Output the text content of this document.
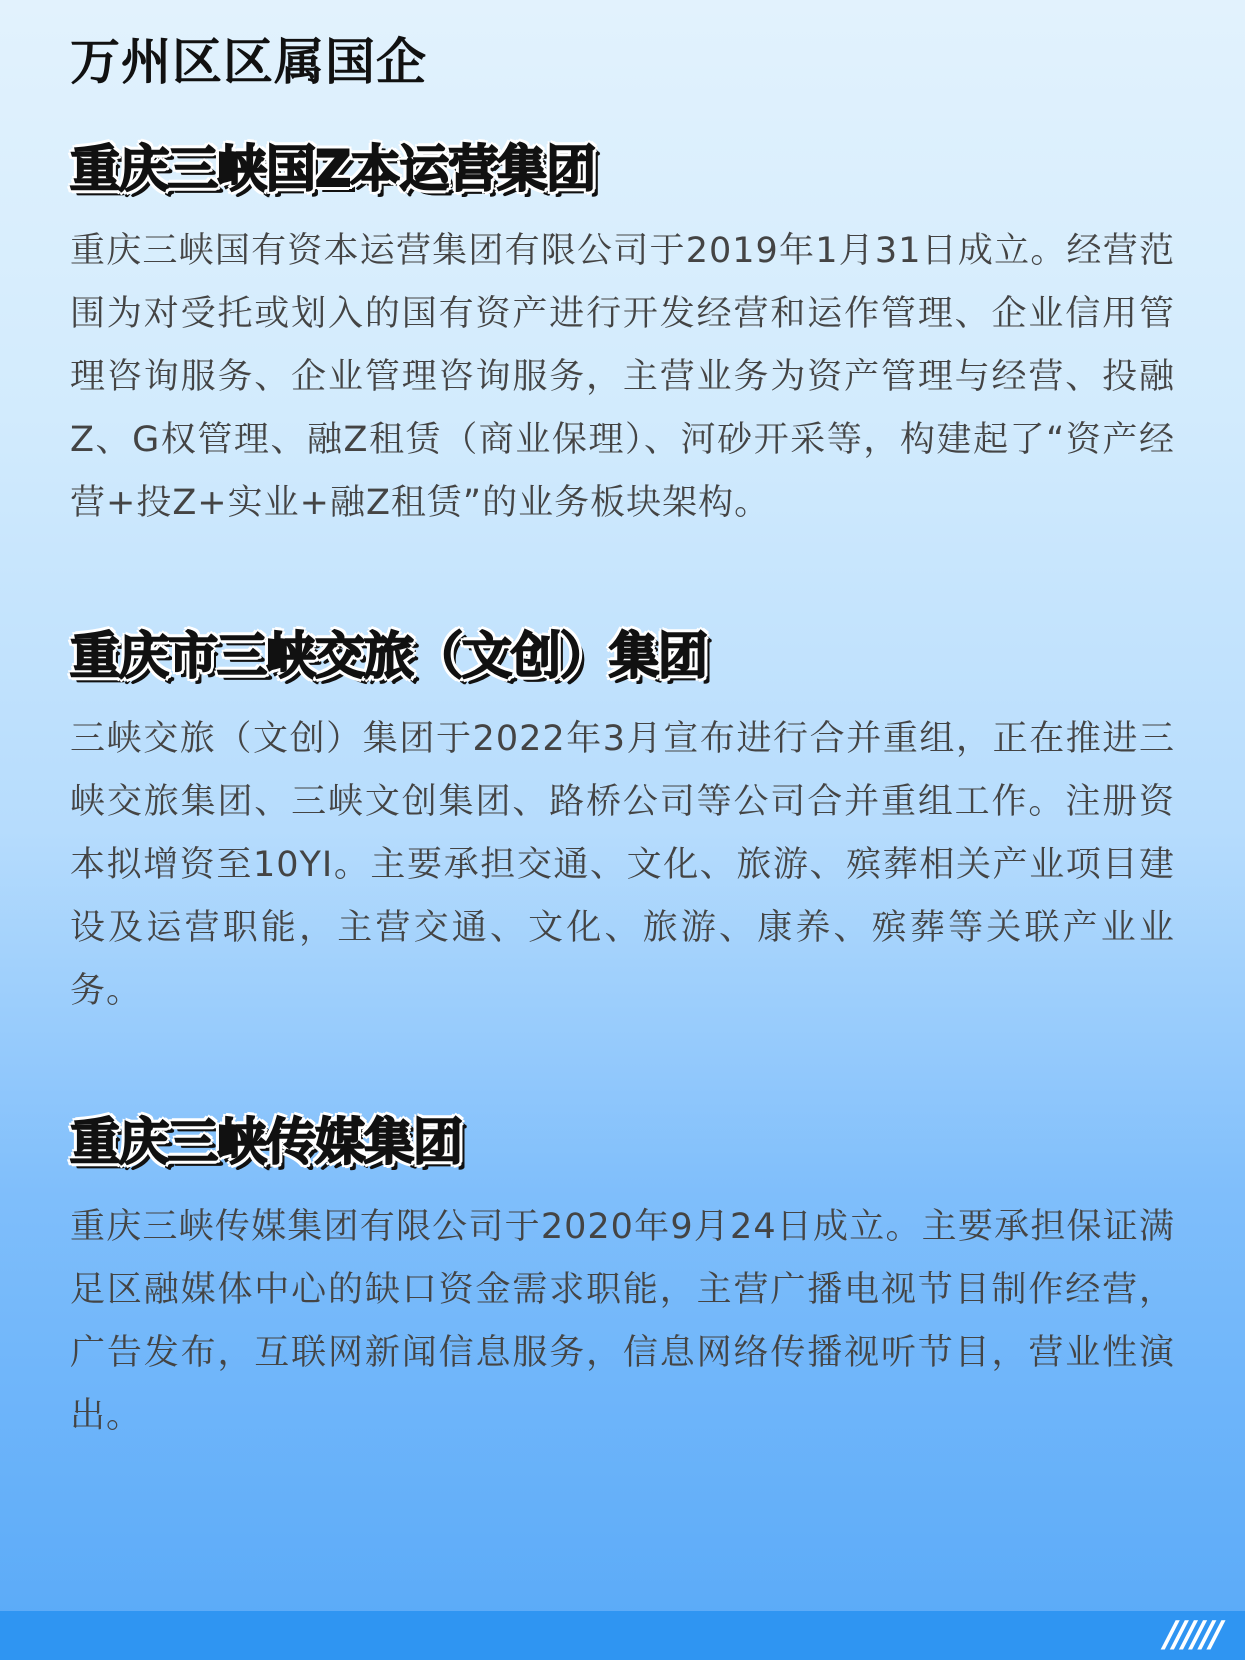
万州区区属国企
重庆三峡国Z本运营集团

重庆三峡国有资本运营集团有限公司于2019年1月31日成立。经营范围为对受托或划入的国有资产进行开发经营和运作管理、企业信用管理咨询服务、企业管理咨询服务，主营业务为资产管理与经营、投融Z、G权管理、融Z租赁（商业保理）、河砂开采等，构建起了“资产经营+投Z+实业+融Z租赁”的业务板块架构。

重庆市三峡交旅（文创）集团

三峡交旅（文创）集团于2022年3月宣布进行合并重组，正在推进三峡交旅集团、三峡文创集团、路桥公司等公司合并重组工作。注册资本拟增资至10YI。主要承担交通、文化、旅游、殡葬相关产业项目建设及运营职能，主营交通、文化、旅游、康养、殡葬等关联产业业务。

重庆三峡传媒集团

重庆三峡传媒集团有限公司于2020年9月24日成立。主要承担保证满足区融媒体中心的缺口资金需求职能，主营广播电视节目制作经营，广告发布，互联网新闻信息服务，信息网络传播视听节目，营业性演出。

//////
